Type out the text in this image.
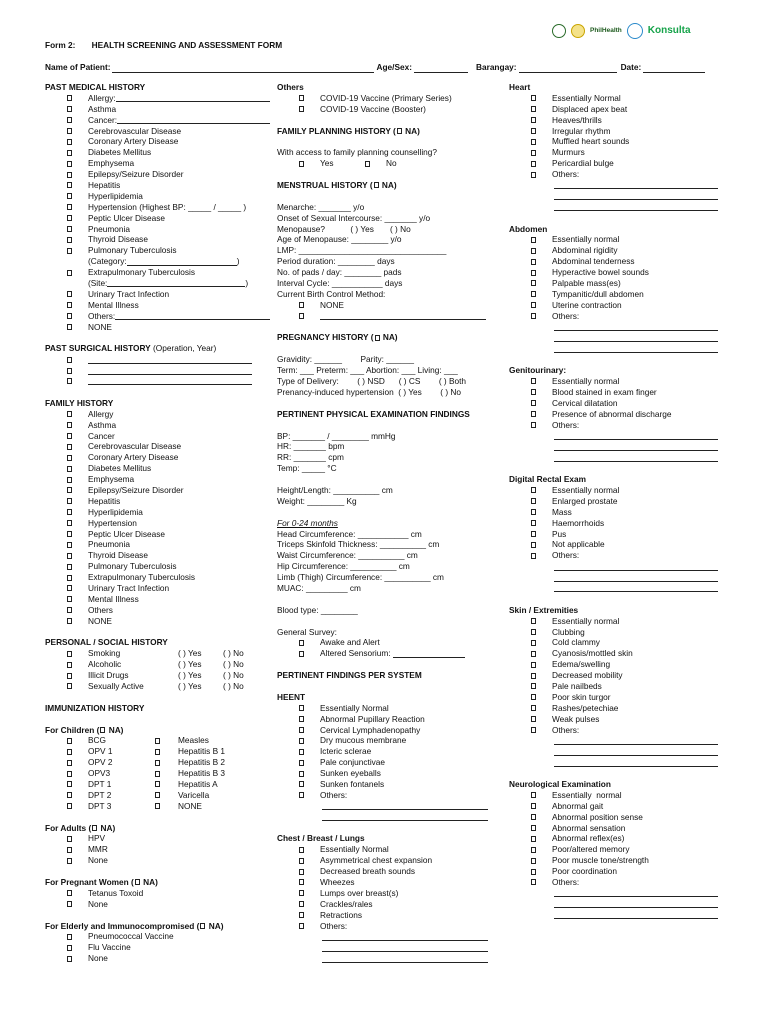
PhilHealth	Konsulta
Form 2: HEALTH SCREENING AND ASSESSMENT FORM
Name of Patient:	Age/Sex:	Barangay:	Date:
PAST MEDICAL HISTORY
Allergy:
Asthma
Cancer:
Cerebrovascular Disease
Coronary Artery Disease
Diabetes Mellitus
Emphysema
Epilepsy/Seizure Disorder
Hepatitis
Hyperlipidemia
Hypertension (Highest BP: _____ / _____ )
Peptic Ulcer Disease
Pneumonia
Thyroid Disease
Pulmonary Tuberculosis
(Category:	)
Extrapulmonary Tuberculosis
(Site:	)
Urinary Tract Infection
Mental Illness
Others:
NONE
PAST SURGICAL HISTORY
(Operation, Year)
FAMILY HISTORY
Allergy
Asthma
Cancer
Cerebrovascular Disease
Coronary Artery Disease
Diabetes Mellitus
Emphysema
Epilepsy/Seizure Disorder
Hepatitis
Hyperlipidemia
Hypertension
Peptic Ulcer Disease
Pneumonia
Thyroid Disease
Pulmonary Tuberculosis
Extrapulmonary Tuberculosis
Urinary Tract Infection
Mental Illness
Others
NONE
PERSONAL / SOCIAL HISTORY
Smoking	( ) Yes	( ) No
Alcoholic	( ) Yes	( ) No
Illicit Drugs	( ) Yes	( ) No
Sexually Active	( ) Yes	( ) No
IMMUNIZATION HISTORY
For Children ( NA)
BCG	Measles
OPV 1	Hepatitis B 1
OPV 2	Hepatitis B 2
OPV3	Hepatitis B 3
DPT 1	Hepatitis A
DPT 2	Varicella
DPT 3	NONE
For Adults ( NA)
HPV
MMR
None
For Pregnant Women ( NA)
Tetanus Toxoid
None
For Elderly and Immunocompromised ( NA)
Pneumococcal Vaccine
Flu Vaccine
None
Others
COVID-19 Vaccine (Primary Series)
COVID-19 Vaccine (Booster)
FAMILY PLANNING HISTORY ( NA)
With access to family planning counselling?
Yes	No
MENSTRUAL HISTORY ( NA)
Menarche: _______ y/o
Onset of Sexual Intercourse: _______ y/o
Menopause?           ( ) Yes       ( ) No
Age of Menopause: ________ y/o
LMP: ________________________________
Period duration: ________ days
No. of pads / day: ________ pads
Interval Cycle: ___________ days
Current Birth Control Method:
NONE
PREGNANCY HISTORY ( NA)
Gravidity: ______        Parity: ______
Term: ___ Preterm: ___ Abortion: ___ Living: ___
Type of Delivery:        ( ) NSD      ( ) CS        ( ) Both
Prenancy-induced hypertension  ( ) Yes        ( ) No
PERTINENT PHYSICAL EXAMINATION FINDINGS
BP: _______ / ________ mmHg
HR: _______ bpm
RR: _______ cpm
Temp: _____ °C
Height/Length: __________ cm
Weight: ________ Kg
For 0-24 months
Head Circumference: ___________ cm
Triceps Skinfold Thickness: __________ cm
Waist Circumference: __________ cm
Hip Circumference: __________ cm
Limb (Thigh) Circumference: __________ cm
MUAC: _________ cm
Blood type: ________
General Survey:
Awake and Alert
Altered Sensorium:
PERTINENT FINDINGS PER SYSTEM
HEENT
Essentially Normal
Abnormal Pupillary Reaction
Cervical Lymphadenopathy
Dry mucous membrane
Icteric sclerae
Pale conjunctivae
Sunken eyeballs
Sunken fontanels
Others:
Chest / Breast / Lungs
Essentially Normal
Asymmetrical chest expansion
Decreased breath sounds
Wheezes
Lumps over breast(s)
Crackles/rales
Retractions
Others:
Heart
Essentially Normal
Displaced apex beat
Heaves/thrills
Irregular rhythm
Muffled heart sounds
Murmurs
Pericardial bulge
Others:
Abdomen
Essentially normal
Abdominal rigidity
Abdominal tenderness
Hyperactive bowel sounds
Palpable mass(es)
Tympanitic/dull abdomen
Uterine contraction
Others:
Genitourinary:
Essentially normal
Blood stained in exam finger
Cervical dilatation
Presence of abnormal discharge
Others:
Digital Rectal Exam
Essentially normal
Enlarged prostate
Mass
Haemorrhoids
Pus
Not applicable
Others:
Skin / Extremities
Essentially normal
Clubbing
Cold clammy
Cyanosis/mottled skin
Edema/swelling
Decreased mobility
Pale nailbeds
Poor skin turgor
Rashes/petechiae
Weak pulses
Others:
Neurological Examination
Essentially  normal
Abnormal gait
Abnormal position sense
Abnormal sensation
Abnormal reflex(es)
Poor/altered memory
Poor muscle tone/strength
Poor coordination
Others:
